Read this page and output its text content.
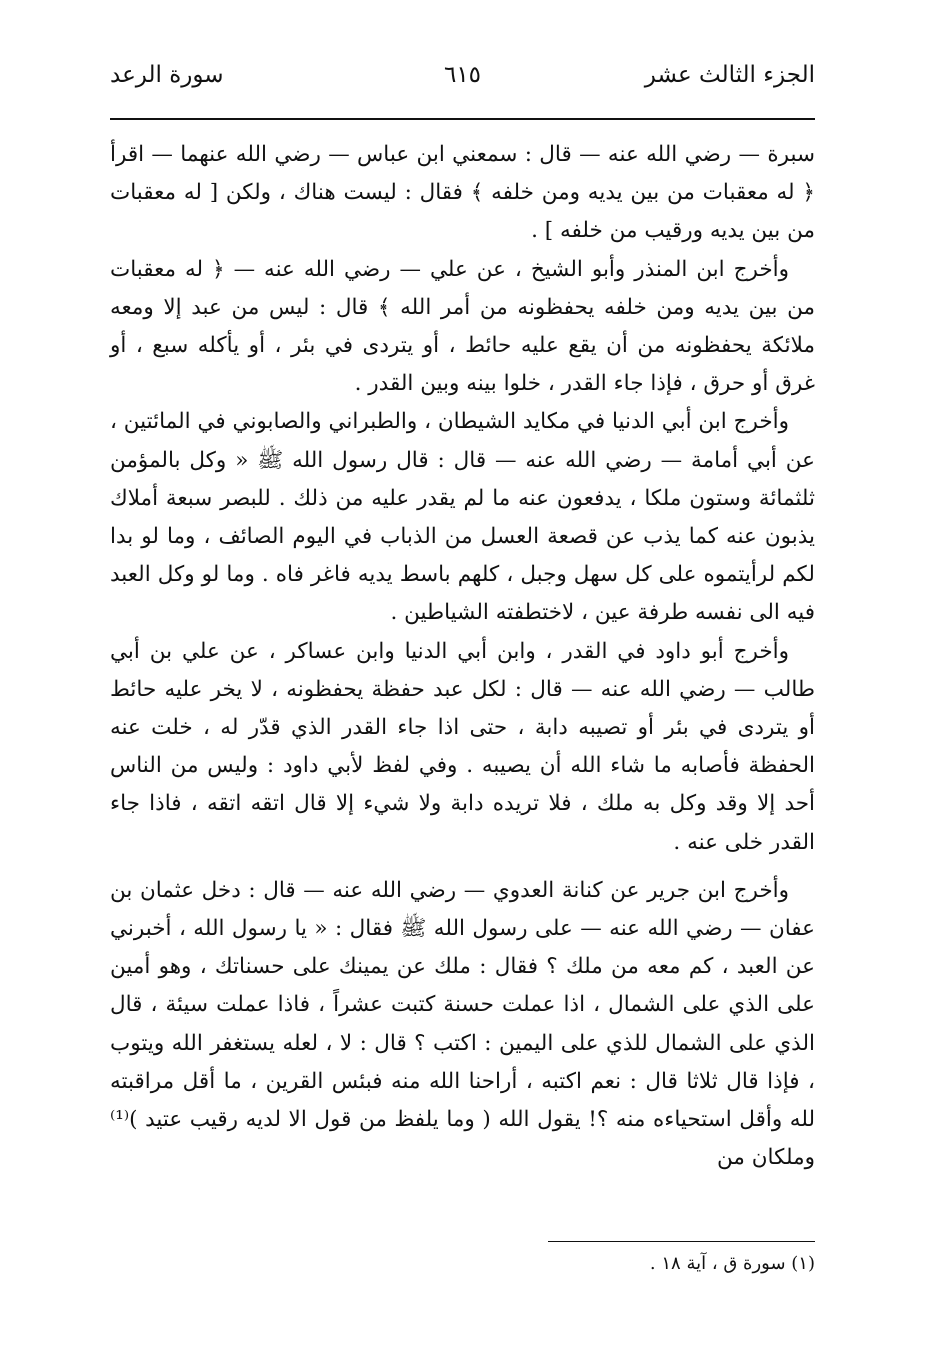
الجزء الثالث عشر
٦١٥
سورة الرعد

سبرة — رضي الله عنه — قال : سمعني ابن عباس — رضي الله عنهما — اقرأ ﴿ له معقبات من بين يديه ومن خلفه ﴾ فقال : ليست هناك ، ولكن [ له معقبات من بين يديه ورقيب من خلفه ] .

وأخرج ابن المنذر وأبو الشيخ ، عن علي — رضي الله عنه — ﴿ له معقبات من بين يديه ومن خلفه يحفظونه من أمر الله ﴾ قال : ليس من عبد إلا ومعه ملائكة يحفظونه من أن يقع عليه حائط ، أو يتردى في بئر ، أو يأكله سبع ، أو غرق أو حرق ، فإذا جاء القدر ، خلوا بينه وبين القدر .

وأخرج ابن أبي الدنيا في مكايد الشيطان ، والطبراني والصابوني في المائتين ، عن أبي أمامة — رضي الله عنه — قال : قال رسول الله ﷺ « وكل بالمؤمن ثلثمائة وستون ملكا ، يدفعون عنه ما لم يقدر عليه من ذلك . للبصر سبعة أملاك يذبون عنه كما يذب عن قصعة العسل من الذباب في اليوم الصائف ، وما لو بدا لكم لرأيتموه على كل سهل وجبل ، كلهم باسط يديه فاغر فاه . وما لو وكل العبد فيه الى نفسه طرفة عين ، لاختطفته الشياطين .

وأخرج أبو داود في القدر ، وابن أبي الدنيا وابن عساكر ، عن علي بن أبي طالب — رضي الله عنه — قال : لكل عبد حفظة يحفظونه ، لا يخر عليه حائط أو يتردى في بئر أو تصيبه دابة ، حتى اذا جاء القدر الذي قدّر له ، خلت عنه الحفظة فأصابه ما شاء الله أن يصيبه . وفي لفظ لأبي داود : وليس من الناس أحد إلا وقد وكل به ملك ، فلا تريده دابة ولا شيء إلا قال اتقه اتقه ، فاذا جاء القدر خلى عنه .

وأخرج ابن جرير عن كنانة العدوي — رضي الله عنه — قال : دخل عثمان بن عفان — رضي الله عنه — على رسول الله ﷺ فقال : « يا رسول الله ، أخبرني عن العبد ، كم معه من ملك ؟ فقال : ملك عن يمينك على حسناتك ، وهو أمين على الذي على الشمال ، اذا عملت حسنة كتبت عشراً ، فاذا عملت سيئة ، قال الذي على الشمال للذي على اليمين : اكتب ؟ قال : لا ، لعله يستغفر الله ويتوب ، فإذا قال ثلاثا قال : نعم اكتبه ، أراحنا الله منه فبئس القرين ، ما أقل مراقبته لله وأقل استحياءه منه ؟! يقول الله ( وما يلفظ من قول الا لديه رقيب عتيد )⁽¹⁾ وملكان من

(١) سورة ق ، آية ١٨ .
